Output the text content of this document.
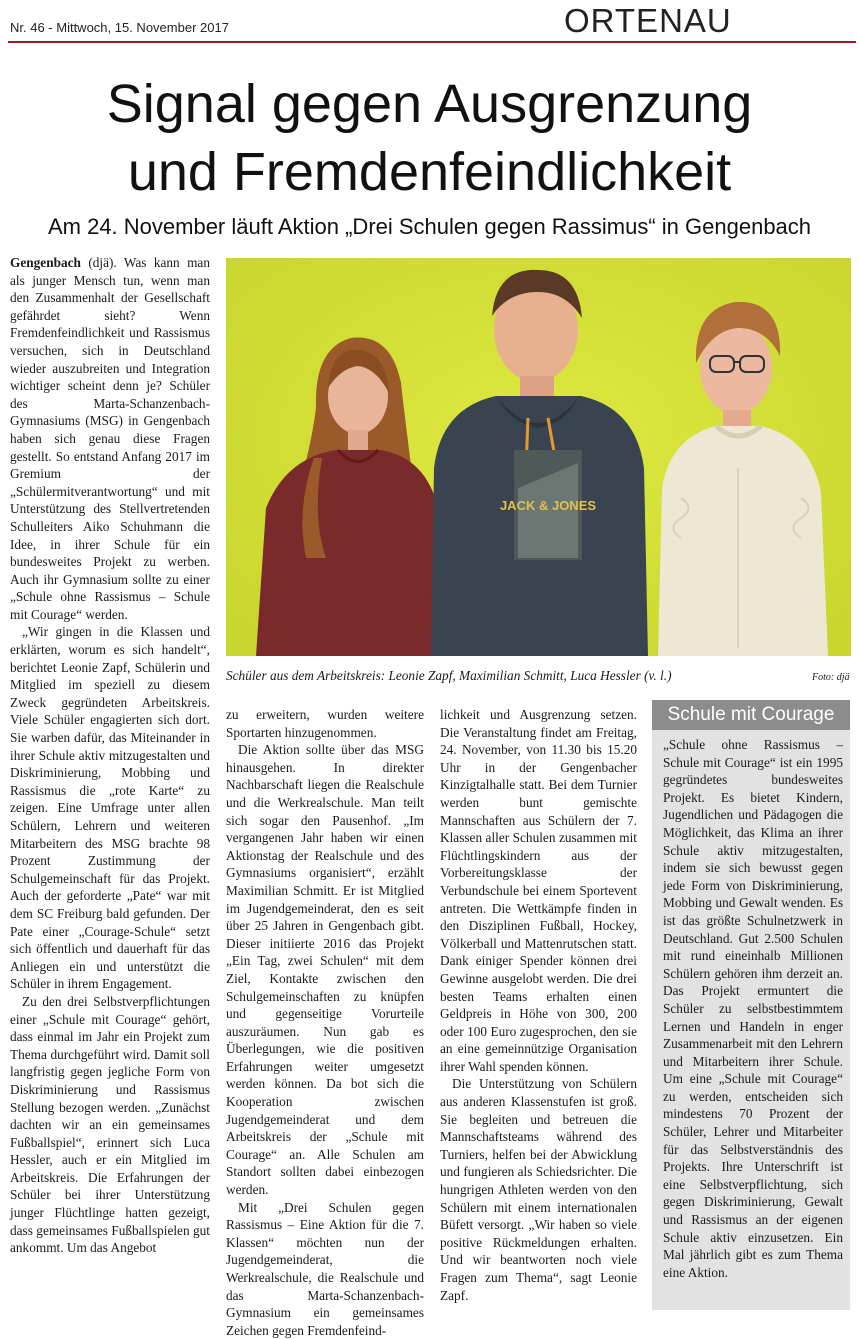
Nr. 46 - Mittwoch, 15. November 2017	ORTENAU
Signal gegen Ausgrenzung
und Fremdenfeindlichkeit
Am 24. November läuft Aktion „Drei Schulen gegen Rassimus“ in Gengenbach

Gengenbach (djä). Was kann man als junger Mensch tun, wenn man den Zusammenhalt der Gesellschaft gefährdet sieht? Wenn Fremdenfeindlichkeit und Rassismus versuchen, sich in Deutschland wieder auszubreiten und Integration wichtiger scheint denn je? Schüler des Marta-Schanzenbach-Gymnasiums (MSG) in Gengenbach haben sich genau diese Fragen gestellt. So entstand Anfang 2017 im Gremium der „Schülermitverantwortung“ und mit Unterstützung des Stellvertretenden Schulleiters Aiko Schuhmann die Idee, in ihrer Schule für ein bundesweites Projekt zu werben. Auch ihr Gymnasium sollte zu einer „Schule ohne Rassismus – Schule mit Courage“ werden.

„Wir gingen in die Klassen und erklärten, worum es sich handelt“, berichtet Leonie Zapf, Schülerin und Mitglied im speziell zu diesem Zweck gegründeten Arbeitskreis. Viele Schüler engagierten sich dort. Sie warben dafür, das Miteinander in ihrer Schule aktiv mitzugestalten und Diskriminierung, Mobbing und Rassismus die „rote Karte“ zu zeigen. Eine Umfrage unter allen Schülern, Lehrern und weiteren Mitarbeitern des MSG brachte 98 Prozent Zustimmung der Schulgemeinschaft für das Projekt. Auch der geforderte „Pate“ war mit dem SC Freiburg bald gefunden. Der Pate einer „Courage-Schule“ setzt sich öffentlich und dauerhaft für das Anliegen ein und unterstützt die Schüler in ihrem Engagement.

Zu den drei Selbstverpflichtungen einer „Schule mit Courage“ gehört, dass einmal im Jahr ein Projekt zum Thema durchgeführt wird. Damit soll langfristig gegen jegliche Form von Diskriminierung und Rassismus Stellung bezogen werden. „Zunächst dachten wir an ein gemeinsames Fußballspiel“, erinnert sich Luca Hessler, auch er ein Mitglied im Arbeitskreis. Die Erfahrungen der Schüler bei ihrer Unterstützung junger Flüchtlinge hatten gezeigt, dass gemeinsames Fußballspielen gut ankommt. Um das Angebot

JACK & JONES
Schüler aus dem Arbeitskreis: Leonie Zapf, Maximilian Schmitt, Luca Hessler (v. l.)	Foto: djä

zu erweitern, wurden weitere Sportarten hinzugenommen.

Die Aktion sollte über das MSG hinausgehen. In direkter Nachbarschaft liegen die Realschule und die Werkrealschule. Man teilt sich sogar den Pausenhof. „Im vergangenen Jahr haben wir einen Aktionstag der Realschule und des Gymnasiums organisiert“, erzählt Maximilian Schmitt. Er ist Mitglied im Jugendgemeinderat, den es seit über 25 Jahren in Gengenbach gibt. Dieser initiierte 2016 das Projekt „Ein Tag, zwei Schulen“ mit dem Ziel, Kontakte zwischen den Schulgemeinschaften zu knüpfen und gegenseitige Vorurteile auszuräumen. Nun gab es Überlegungen, wie die positiven Erfahrungen weiter umgesetzt werden können. Da bot sich die Kooperation zwischen Jugendgemeinderat und dem Arbeitskreis der „Schule mit Courage“ an. Alle Schulen am Standort sollten dabei einbezogen werden.

Mit „Drei Schulen gegen Rassismus – Eine Aktion für die 7. Klassen“ möchten nun der Jugendgemeinderat, die Werkrealschule, die Realschule und das Marta-Schanzenbach-Gymnasium ein gemeinsames Zeichen gegen Fremdenfeind-

lichkeit und Ausgrenzung setzen. Die Veranstaltung findet am Freitag, 24. November, von 11.30 bis 15.20 Uhr in der Gengenbacher Kinzigtalhalle statt. Bei dem Turnier werden bunt gemischte Mannschaften aus Schülern der 7. Klassen aller Schulen zusammen mit Flüchtlingskindern aus der Vorbereitungsklasse der Verbundschule bei einem Sportevent antreten. Die Wettkämpfe finden in den Disziplinen Fußball, Hockey, Völkerball und Mattenrutschen statt. Dank einiger Spender können drei Gewinne ausgelobt werden. Die drei besten Teams erhalten einen Geldpreis in Höhe von 300, 200 oder 100 Euro zugesprochen, den sie an eine gemeinnützige Organisation ihrer Wahl spenden können.

Die Unterstützung von Schülern aus anderen Klassenstufen ist groß. Sie begleiten und betreuen die Mannschaftsteams während des Turniers, helfen bei der Abwicklung und fungieren als Schiedsrichter. Die hungrigen Athleten werden von den Schülern mit einem internationalen Büfett versorgt. „Wir haben so viele positive Rückmeldungen erhalten. Und wir beantworten noch viele Fragen zum Thema“, sagt Leonie Zapf.

Schule mit Courage

„Schule ohne Rassismus – Schule mit Courage“ ist ein 1995 gegründetes bundesweites Projekt. Es bietet Kindern, Jugendlichen und Pädagogen die Möglichkeit, das Klima an ihrer Schule aktiv mitzugestalten, indem sie sich bewusst gegen jede Form von Diskriminierung, Mobbing und Gewalt wenden. Es ist das größte Schulnetzwerk in Deutschland. Gut 2.500 Schulen mit rund eineinhalb Millionen Schülern gehören ihm derzeit an. Das Projekt ermuntert die Schüler zu selbstbestimmtem Lernen und Handeln in enger Zusammenarbeit mit den Lehrern und Mitarbeitern ihrer Schule. Um eine „Schule mit Courage“ zu werden, entscheiden sich mindestens 70 Prozent der Schüler, Lehrer und Mitarbeiter für das Selbstverständnis des Projekts. Ihre Unterschrift ist eine Selbstverpflichtung, sich gegen Diskriminierung, Gewalt und Rassismus an der eigenen Schule aktiv einzusetzen. Ein Mal jährlich gibt es zum Thema eine Aktion.
